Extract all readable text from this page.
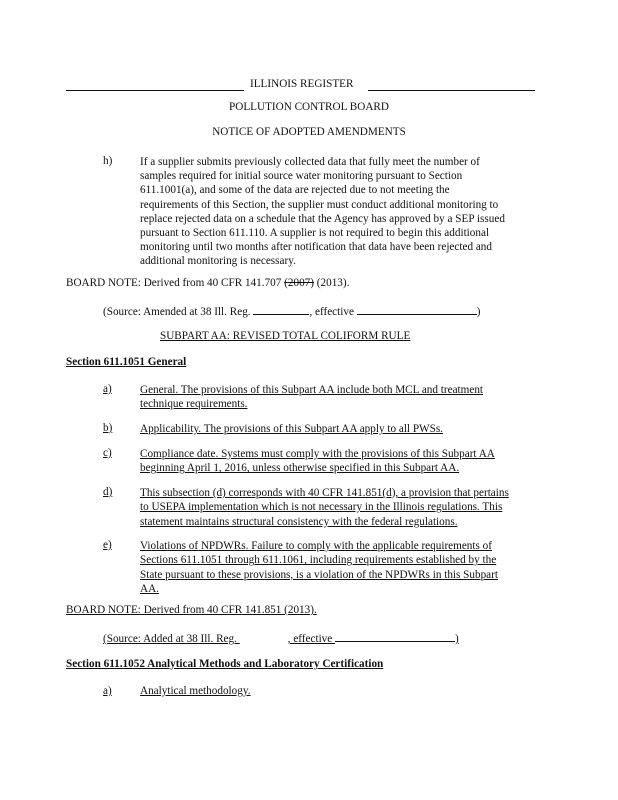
ILLINOIS REGISTER
POLLUTION CONTROL BOARD
NOTICE OF ADOPTED AMENDMENTS
h) If a supplier submits previously collected data that fully meet the number of
samples required for initial source water monitoring pursuant to Section
611.1001(a), and some of the data are rejected due to not meeting the
requirements of this Section, the supplier must conduct additional monitoring to
replace rejected data on a schedule that the Agency has approved by a SEP issued
pursuant to Section 611.110. A supplier is not required to begin this additional
monitoring until two months after notification that data have been rejected and
additional monitoring is necessary.
BOARD NOTE: Derived from 40 CFR 141.707 (2007) (2013).
(Source: Amended at 38 Ill. Reg.	, effective	)
SUBPART AA: REVISED TOTAL COLIFORM RULE
Section 611.1051 General
a)	General. The provisions of this Subpart AA include both MCL and treatment
technique requirements.
b) Applicability. The provisions of this Subpart AA apply to all PWSs.
c)	Compliance date. Systems must comply with the provisions of this Subpart AA
beginning April 1, 2016, unless otherwise specified in this Subpart AA.
d) This subsection (d) corresponds with 40 CFR 141.851(d), a provision that pertains
to USEPA implementation which is not necessary in the Illinois regulations. This
statement maintains structural consistency with the federal regulations.
e)	Violations of NPDWRs. Failure to comply with the applicable requirements of
Sections 611.1051 through 611.1061, including requirements established by the
State pursuant to these provisions, is a violation of the NPDWRs in this Subpart
AA.
BOARD NOTE: Derived from 40 CFR 141.851 (2013).
(Source: Added at 38 Ill. Reg.	, effective	)
Section 611.1052 Analytical Methods and Laboratory Certification
a)	Analytical methodology.
